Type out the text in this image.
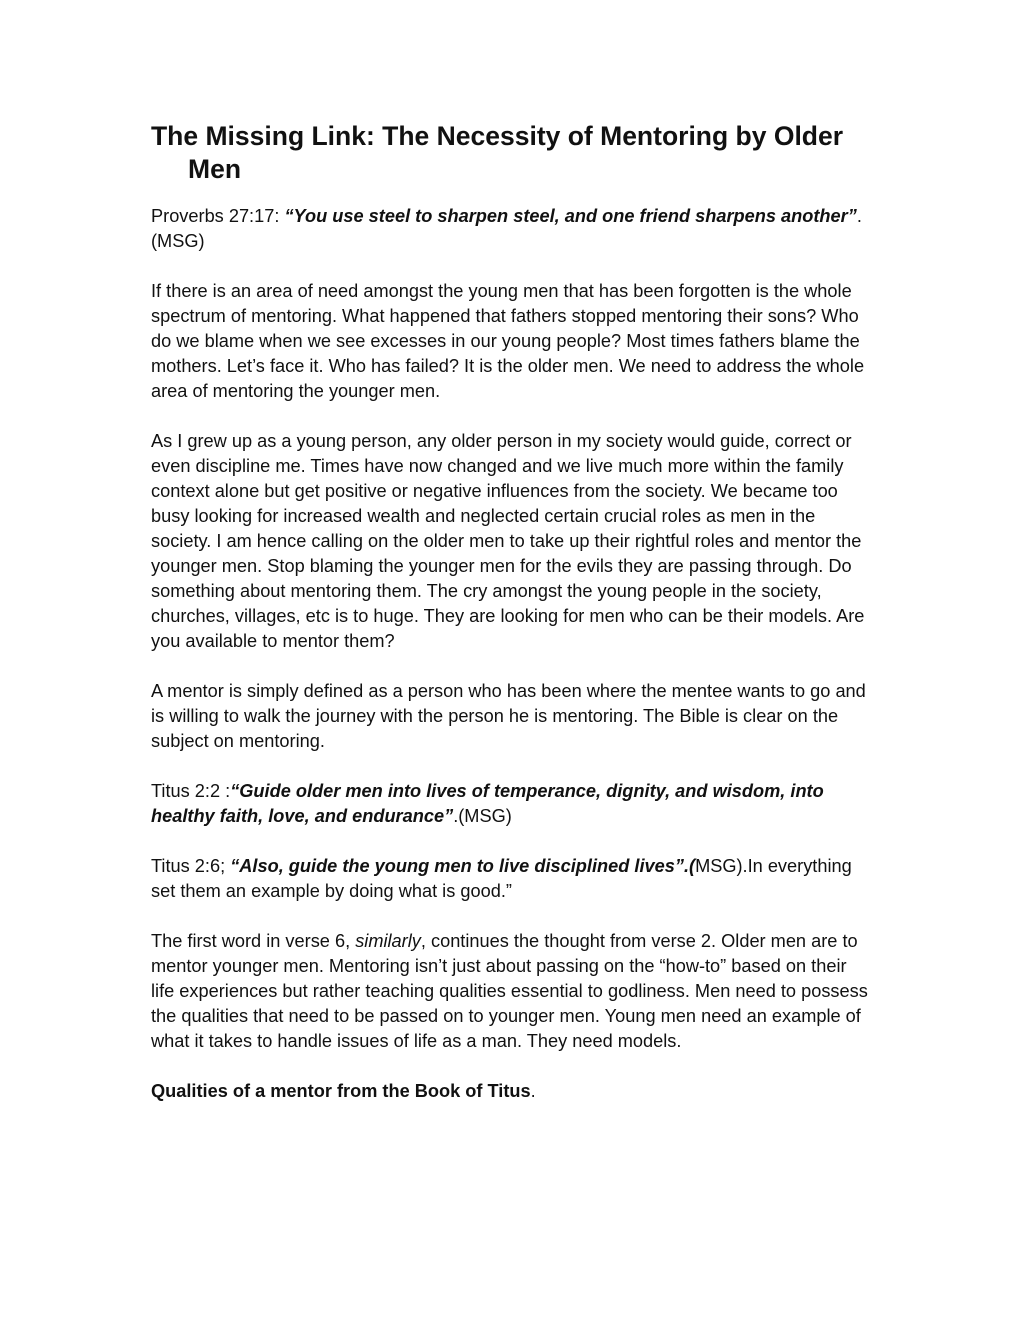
The Missing Link: The Necessity of Mentoring by Older Men

Proverbs 27:17: “You use steel to sharpen steel, and one friend sharpens another”.(MSG)

If there is an area of need amongst the young men that has been forgotten is the whole spectrum of mentoring. What happened that fathers stopped mentoring their sons? Who do we blame when we see excesses in our young people? Most times fathers blame the mothers. Let’s face it. Who has failed? It is the older men. We need to address the whole area of mentoring the younger men.

As I grew up as a young person, any older person in my society would guide, correct or even discipline me. Times have now changed and we live much more within the family context alone but get positive or negative influences from the society. We became too busy looking for increased wealth and neglected certain crucial roles as men in the society. I am hence calling on the older men to take up their rightful roles and mentor the younger men. Stop blaming the younger men for the evils they are passing through. Do something about mentoring them. The cry amongst the young people in the society, churches, villages, etc is to huge. They are looking for men who can be their models. Are you available to mentor them?

A mentor is simply defined as a person who has been where the mentee wants to go and is willing to walk the journey with the person he is mentoring. The Bible is clear on the subject on mentoring.

Titus 2:2 :“Guide older men into lives of temperance, dignity, and wisdom, into healthy faith, love, and endurance”.(MSG)

Titus 2:6; “Also, guide the young men to live disciplined lives”.(MSG).In everything set them an example by doing what is good.”

The first word in verse 6, similarly, continues the thought from verse 2. Older men are to mentor younger men. Mentoring isn’t just about passing on the “how-to” based on their life experiences but rather teaching qualities essential to godliness. Men need to possess the qualities that need to be passed on to younger men. Young men need an example of what it takes to handle issues of life as a man. They need models.

Qualities of a mentor from the Book of Titus.
